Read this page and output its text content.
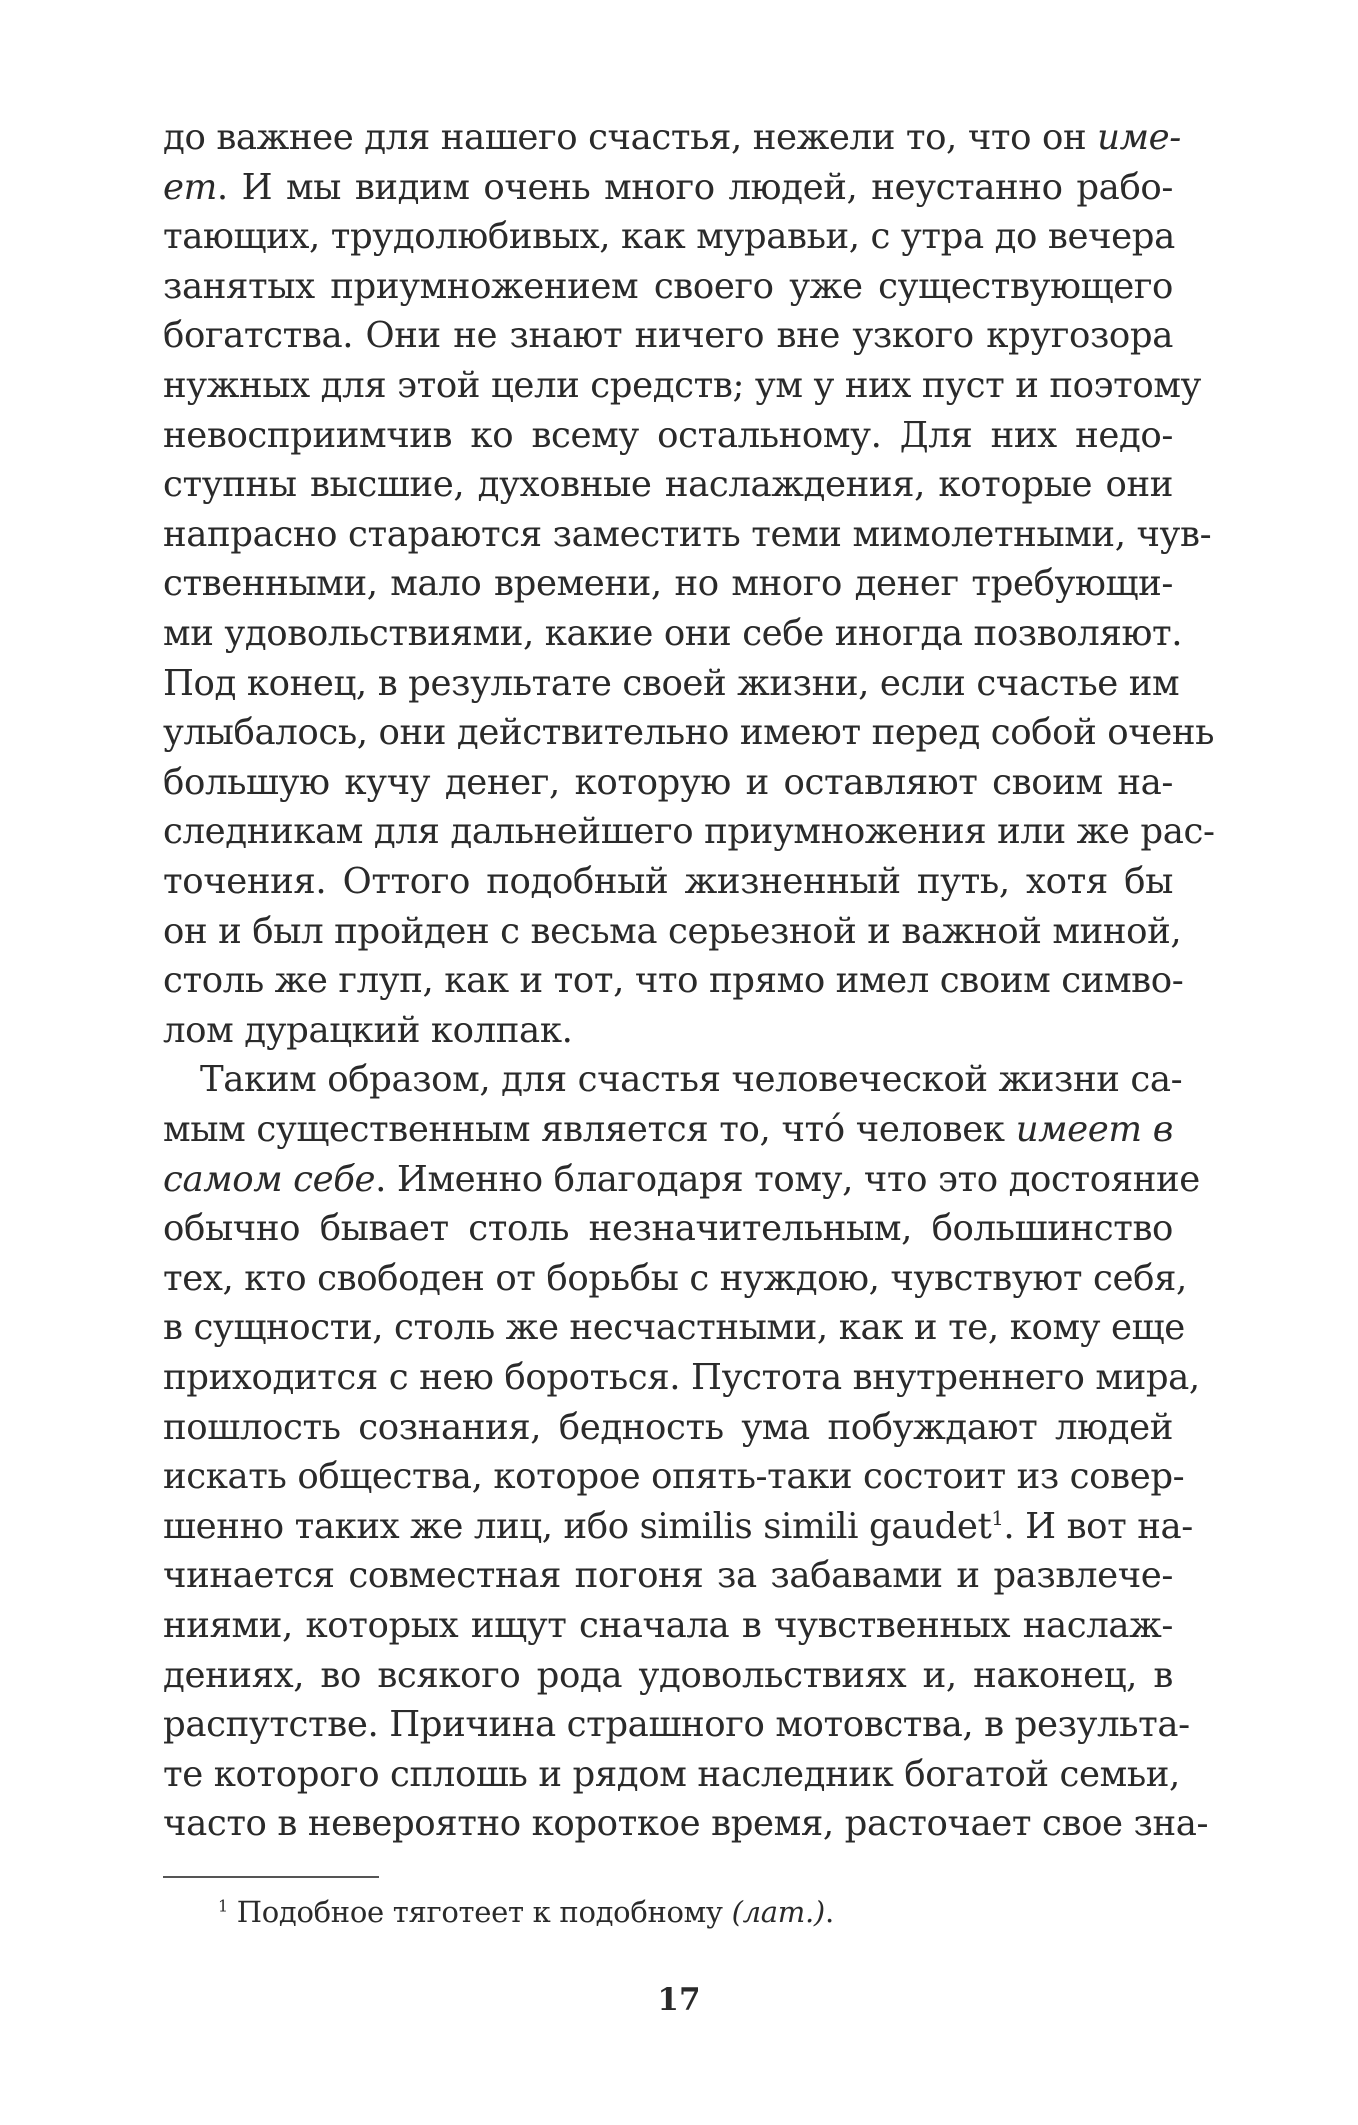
до важнее для нашего счастья, нежели то, что он име-
ет. И мы видим очень много людей, неустанно рабо-
тающих, трудолюбивых, как муравьи, с утра до вечера
занятых приумножением своего уже существующего
богатства. Они не знают ничего вне узкого кругозора
нужных для этой цели средств; ум у них пуст и поэтому
невосприимчив ко всему остальному. Для них недо-
ступны высшие, духовные наслаждения, которые они
напрасно стараются заместить теми мимолетными, чув-
ственными, мало времени, но много денег требующи-
ми удовольствиями, какие они себе иногда позволяют.
Под конец, в результате своей жизни, если счастье им
улыбалось, они действительно имеют перед собой очень
большую кучу денег, которую и оставляют своим на-
следникам для дальнейшего приумножения или же рас-
точения. Оттого подобный жизненный путь, хотя бы
он и был пройден с весьма серьезной и важной миной,
столь же глуп, как и тот, что прямо имел своим симво-
лом дурацкий колпак.
Таким образом, для счастья человеческой жизни са-
мым существенным является то, чтó человек имеет в
самом себе. Именно благодаря тому, что это достояние
обычно бывает столь незначительным, большинство
тех, кто свободен от борьбы с нуждою, чувствуют себя,
в сущности, столь же несчастными, как и те, кому еще
приходится с нею бороться. Пустота внутреннего мира,
пошлость сознания, бедность ума побуждают людей
искать общества, которое опять-таки состоит из совер-
шенно таких же лиц, ибо similis simili gaudet$^1$. И вот на-
чинается совместная погоня за забавами и развлече-
ниями, которых ищут сначала в чувственных наслаж-
дениях, во всякого рода удовольствиях и, наконец, в
распутстве. Причина страшного мотовства, в результа-
те которого сплошь и рядом наследник богатой семьи,
часто в невероятно короткое время, расточает свое зна-
$^1$ Подобное тяготеет к подобному (лат.).
17
